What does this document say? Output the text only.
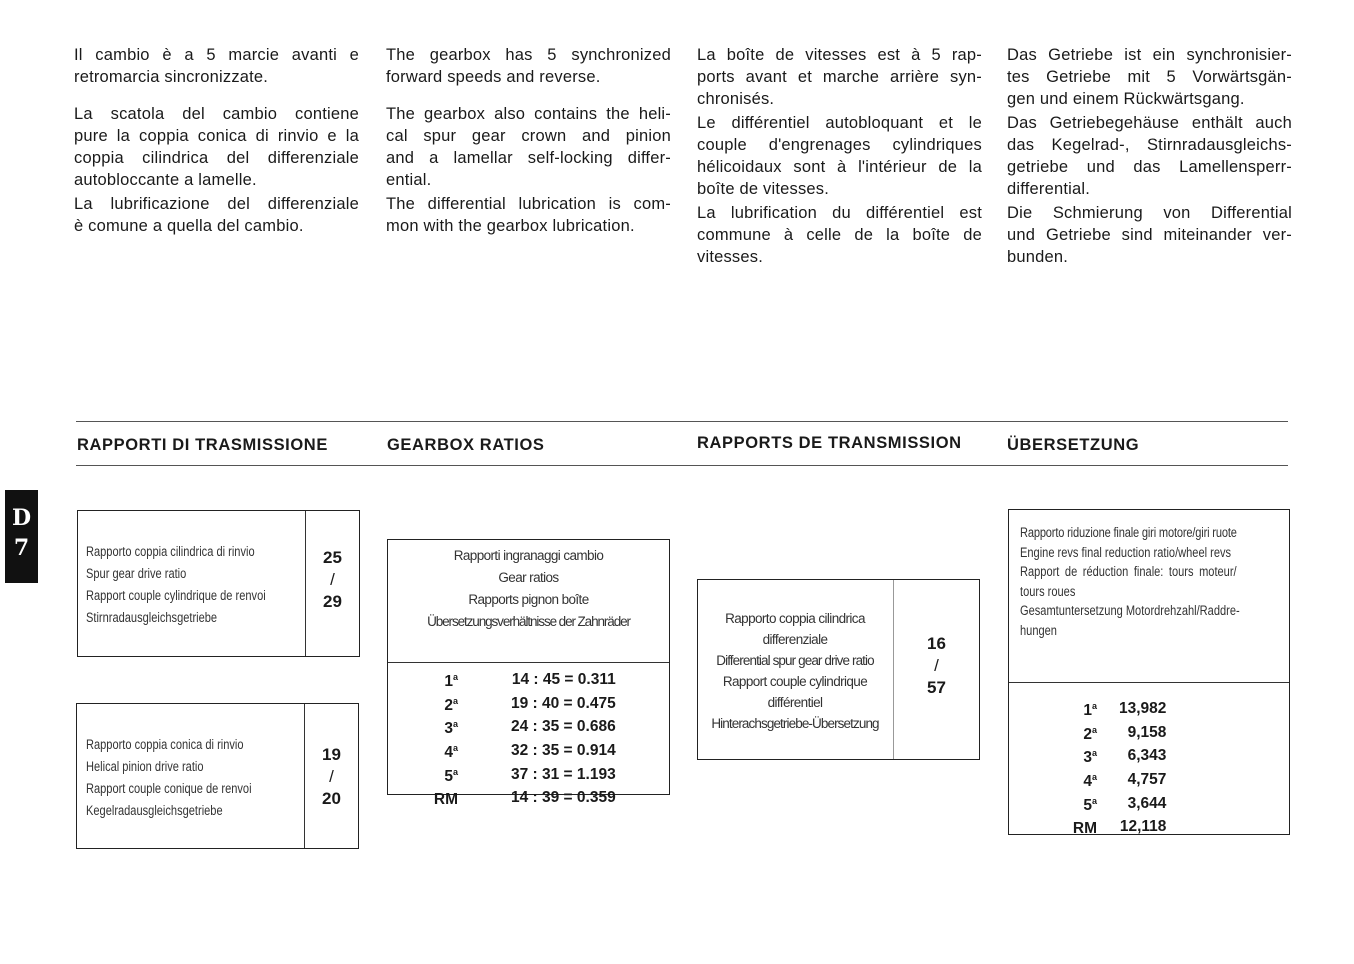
Il cambio è a 5 marcie avanti e
retromarcia sincronizzate.
La scatola del cambio contiene
pure la coppia conica di rinvio e la
coppia cilindrica del differenziale
autobloccante a lamelle.
La lubrificazione del differenziale
è comune a quella del cambio.
The gearbox has 5 synchronized
forward speeds and reverse.
The gearbox also contains the heli-
cal spur gear crown and pinion
and a lamellar self-locking differ-
ential.
The differential lubrication is com-
mon with the gearbox lubrication.
La boîte de vitesses est à 5 rap-
ports avant et marche arrière syn-
chronisés.
Le différentiel autobloquant et le
couple d'engrenages cylindriques
hélicoidaux sont à l'intérieur de la
boîte de vitesses.
La lubrification du différentiel est
commune à celle de la boîte de
vitesses.
Das Getriebe ist ein synchronisier-
tes Getriebe mit 5 Vorwärtsgän-
gen und einem Rückwärtsgang.
Das Getriebegehäuse enthält auch
das Kegelrad-, Stirnradausgleichs-
getriebe und das Lamellensperr-
differential.
Die Schmierung von Differential
und Getriebe sind miteinander ver-
bunden.
RAPPORTI DI TRASMISSIONE	GEARBOX RATIOS	RAPPORTS DE TRANSMISSION	ÜBERSETZUNG
D
7	Rapporto coppia cilindrica di rinvio
Spur gear drive ratio
Rapport couple cylindrique de renvoi
Stirnradausgleichsgetriebe
25
/
29
Rapporto coppia conica di rinvio
Helical pinion drive ratio
Rapport couple conique de renvoi
Kegelradausgleichsgetriebe
19
/
20
Rapporti ingranaggi cambio
Gear ratios
Rapports pignon boîte
Übersetzungsverhältnisse der Zahnräder
1$^a$	14 : 45 = 0.311
2$^a$	19 : 40 = 0.475
3$^a$	24 : 35 = 0.686
4$^a$	32 : 35 = 0.914
5$^a$	37 : 31 = 1.193
RM	14 : 39 = 0.359
Rapporto coppia cilindrica
differenziale
Differential spur gear drive ratio
Rapport couple cylindrique
différentiel
Hinterachsgetriebe-Übersetzung
16
/
57
Rapporto riduzione finale giri motore/giri ruote
Engine revs final reduction ratio/wheel revs
Rapport de réduction finale: tours moteur/
tours roues
Gesamtuntersetzung Motordrehzahl/Raddre-
hungen
1$^a$	13,982
2$^a$	9,158
3$^a$	6,343
4$^a$	4,757
5$^a$	3,644
RM	12,118
